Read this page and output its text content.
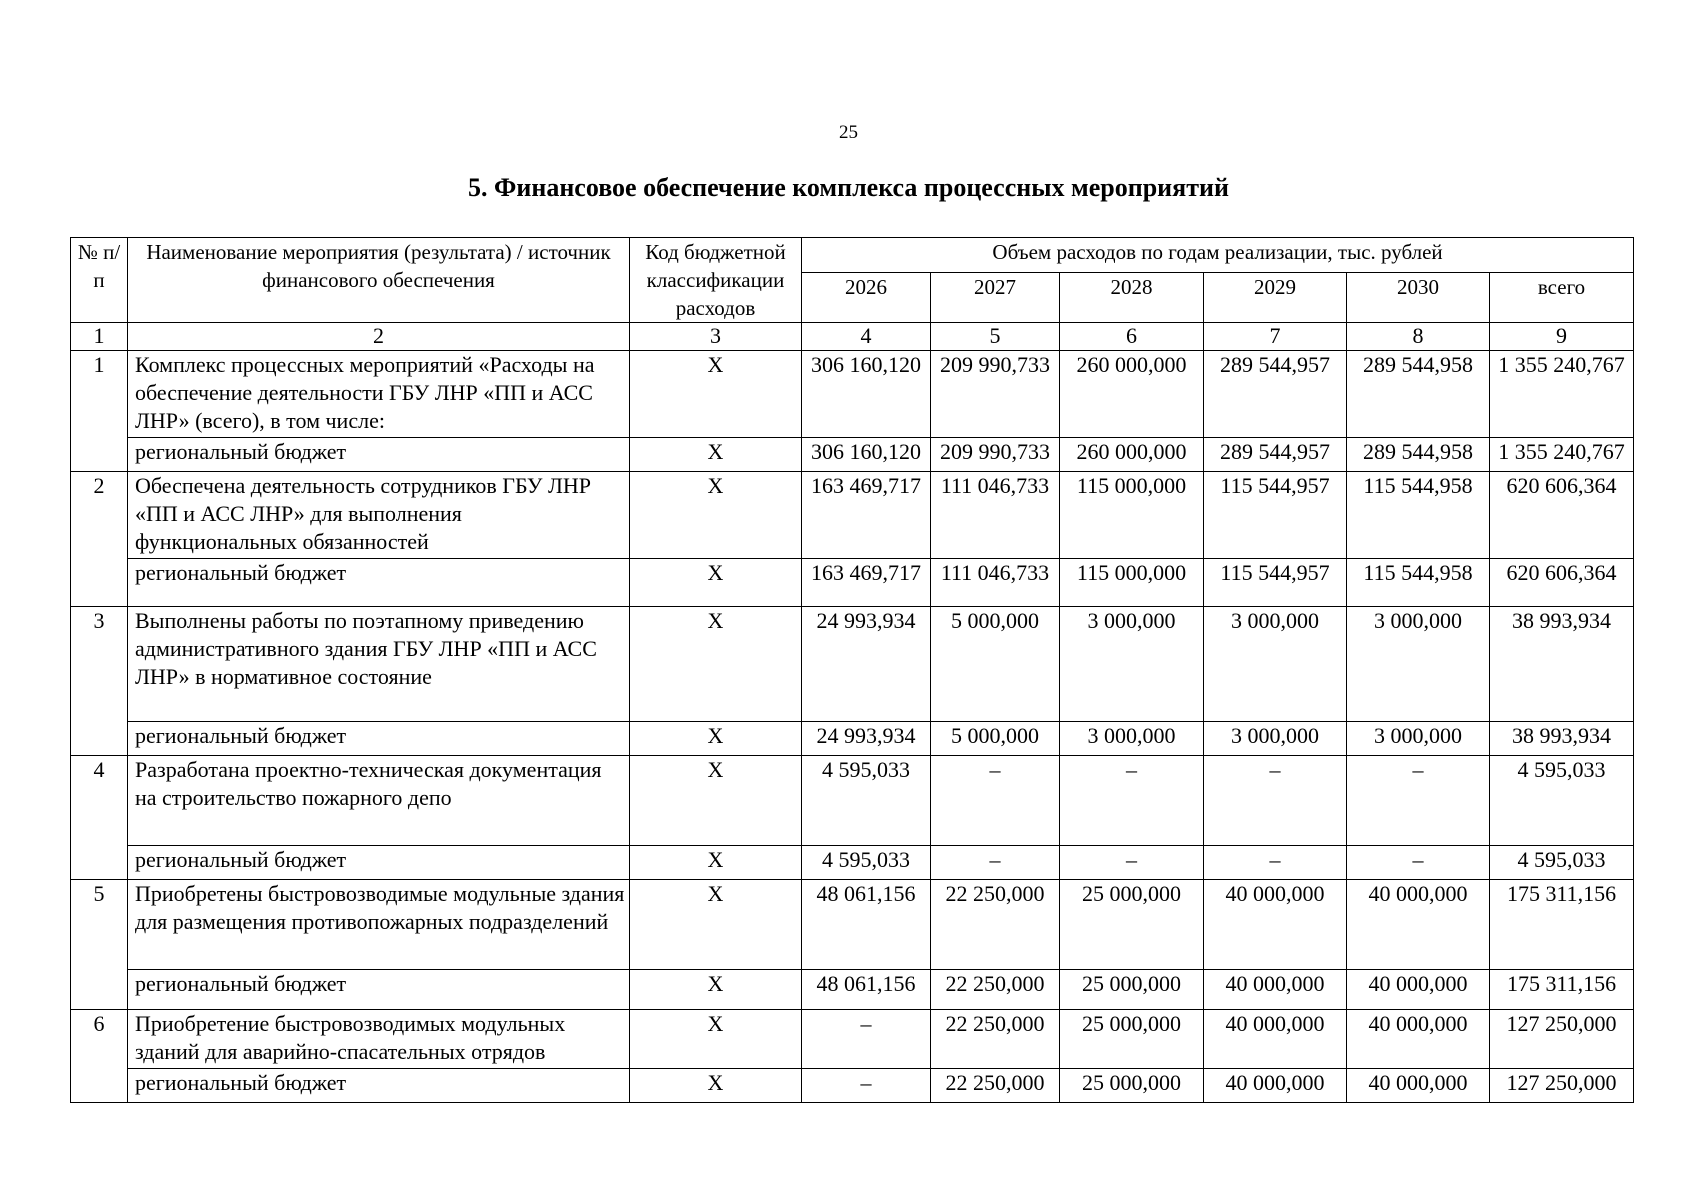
25
5. Финансовое обеспечение комплекса процессных мероприятий
№ п/п	Наименование мероприятия (результата) / источник финансового обеспечения	Код бюджетной классификации расходов	Объем расходов по годам реализации, тыс. рублей					
			2026	2027	2028	2029	2030	всего
1	2	3	4	5	6	7	8	9
1	Комплекс процессных мероприятий «Расходы на обеспечение деятельности ГБУ ЛНР «ПП и АСС ЛНР» (всего), в том числе:	Х	306 160,120	209 990,733	260 000,000	289 544,957	289 544,958	1 355 240,767
	региональный бюджет	Х	306 160,120	209 990,733	260 000,000	289 544,957	289 544,958	1 355 240,767
2	Обеспечена деятельность сотрудников ГБУ ЛНР «ПП и АСС ЛНР» для выполнения функциональных обязанностей	Х	163 469,717	111 046,733	115 000,000	115 544,957	115 544,958	620 606,364
	региональный бюджет	Х	163 469,717	111 046,733	115 000,000	115 544,957	115 544,958	620 606,364
3	Выполнены работы по поэтапному приведению административного здания ГБУ ЛНР «ПП и АСС ЛНР» в нормативное состояние	Х	24 993,934	5 000,000	3 000,000	3 000,000	3 000,000	38 993,934
	региональный бюджет	Х	24 993,934	5 000,000	3 000,000	3 000,000	3 000,000	38 993,934
4	Разработана проектно-техническая документация на строительство пожарного депо	Х	4 595,033	–	–	–	–	4 595,033
	региональный бюджет	Х	4 595,033	–	–	–	–	4 595,033
5	Приобретены быстровозводимые модульные здания для размещения противопожарных подразделений	Х	48 061,156	22 250,000	25 000,000	40 000,000	40 000,000	175 311,156
	региональный бюджет	Х	48 061,156	22 250,000	25 000,000	40 000,000	40 000,000	175 311,156
6	Приобретение быстровозводимых модульных зданий для аварийно-спасательных отрядов	Х	–	22 250,000	25 000,000	40 000,000	40 000,000	127 250,000
	региональный бюджет	Х	–	22 250,000	25 000,000	40 000,000	40 000,000	127 250,000
